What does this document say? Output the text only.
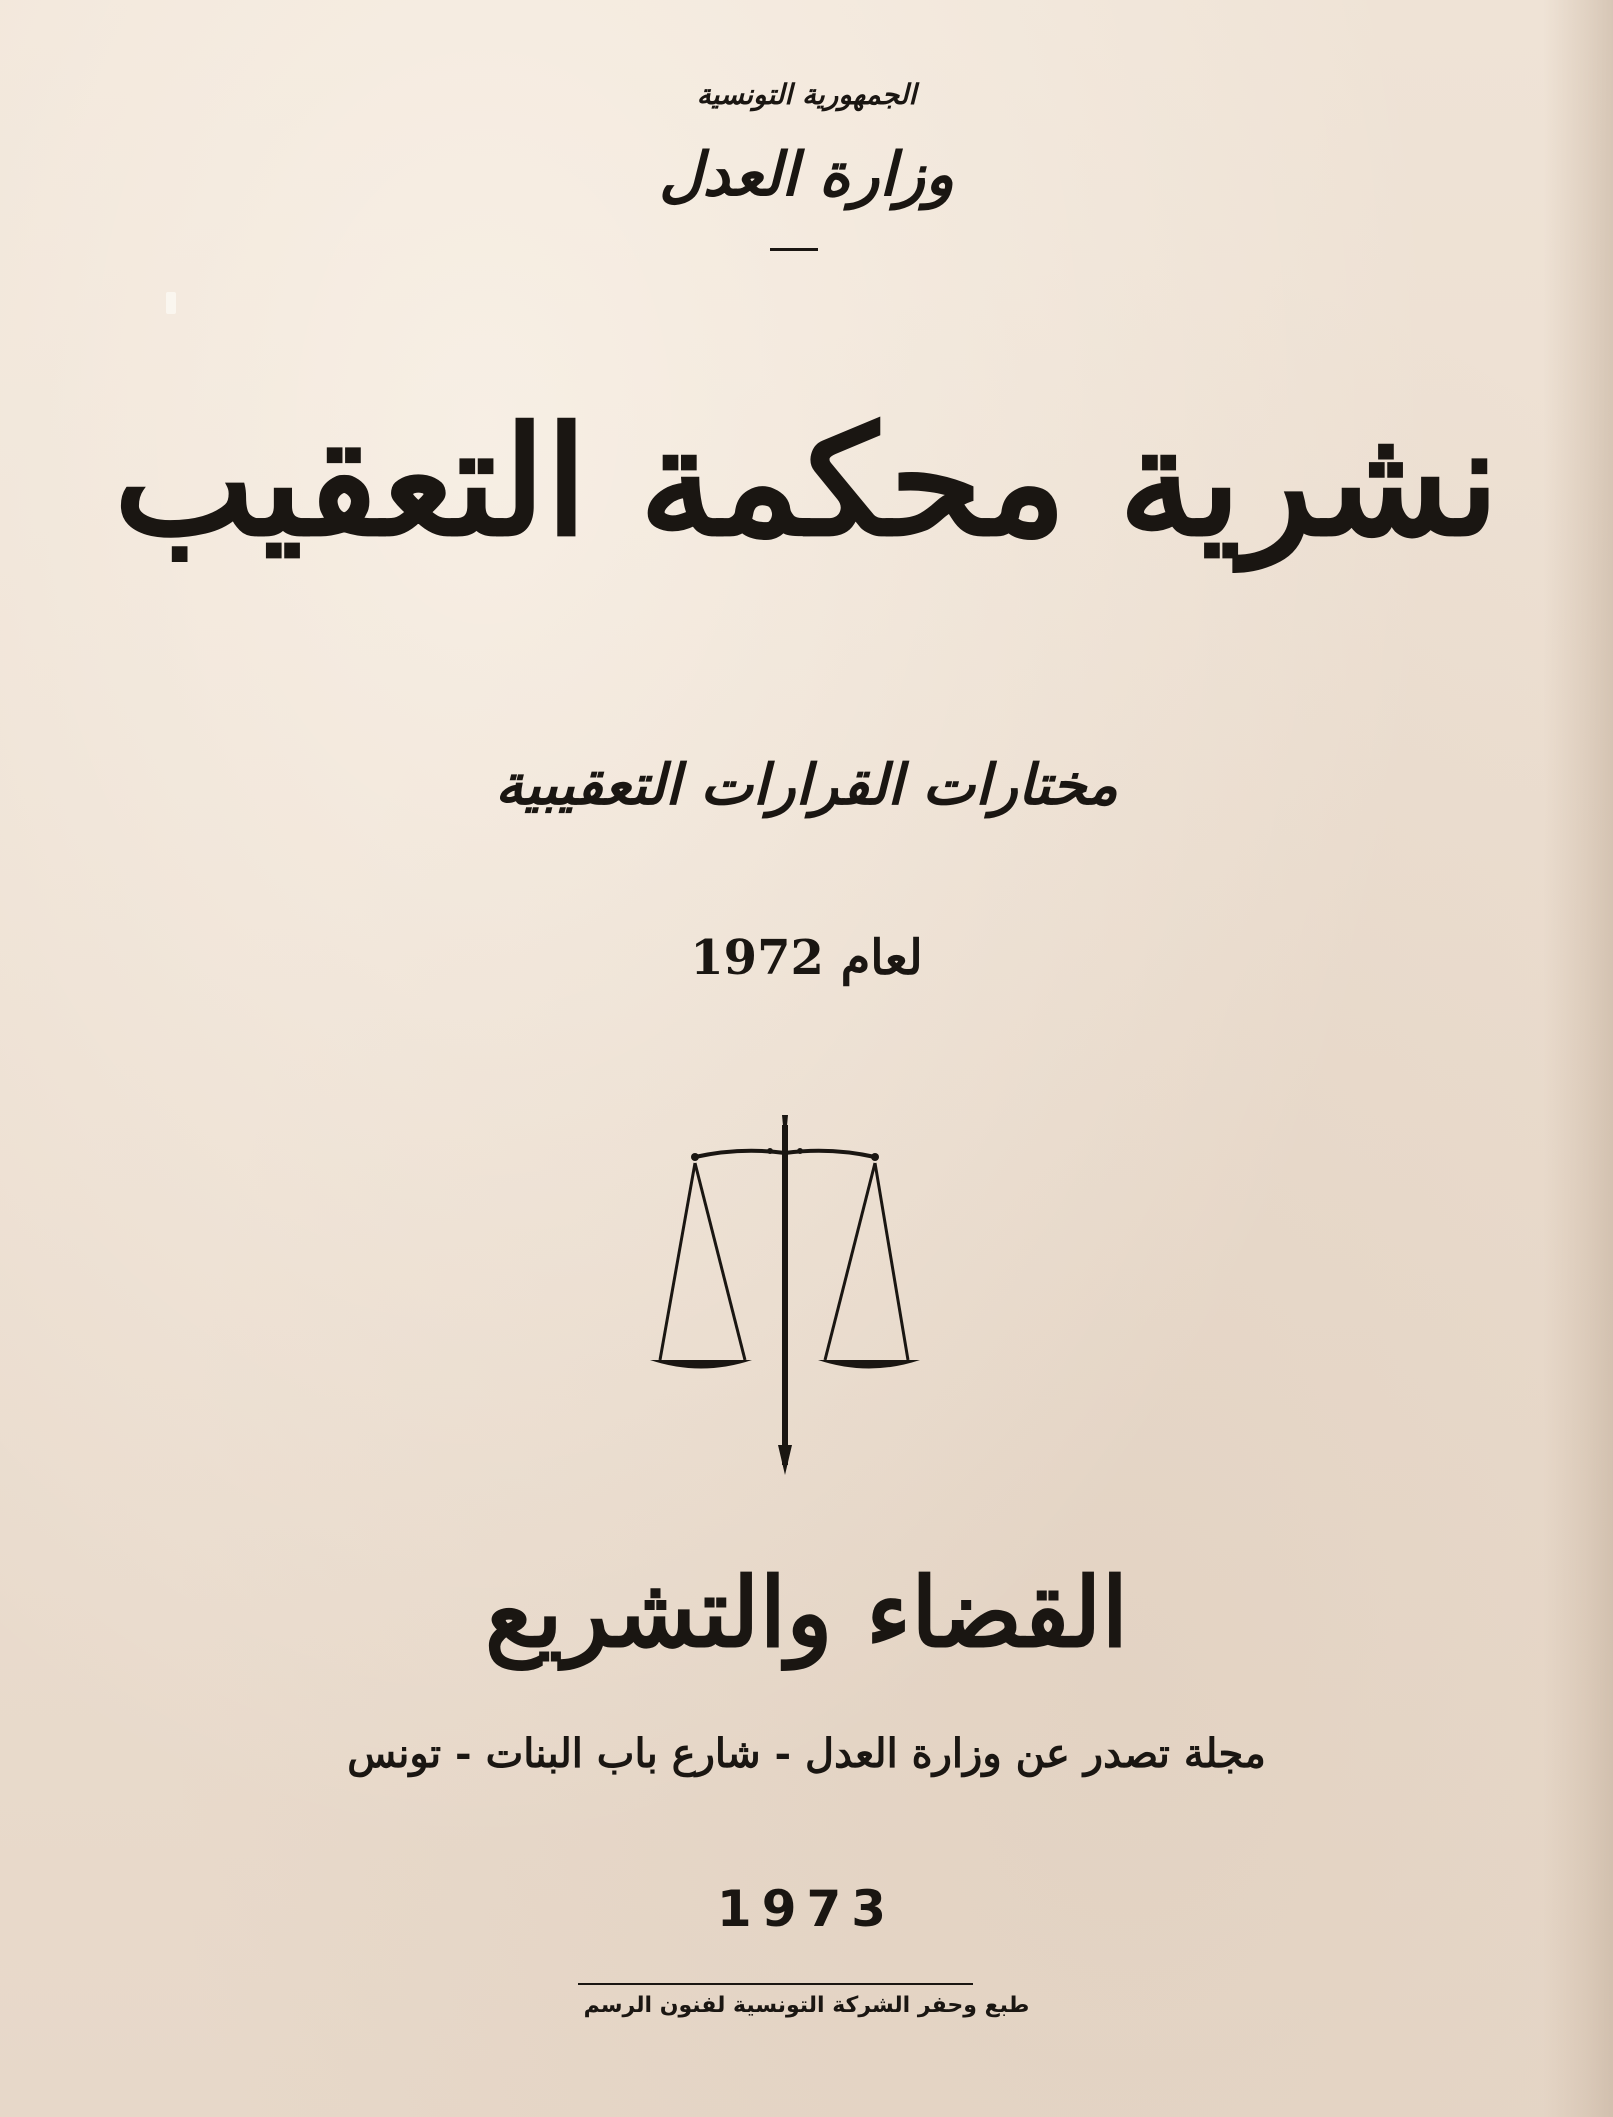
الجمهورية التونسية
وزارة العدل
نشرية محكمة التعقيب
مختارات القرارات التعقيبية
لعام 1972
القضاء والتشريع
مجلة تصدر عن وزارة العدل - شارع باب البنات - تونس
1973
طبع وحفر الشركة التونسية لفنون الرسم
